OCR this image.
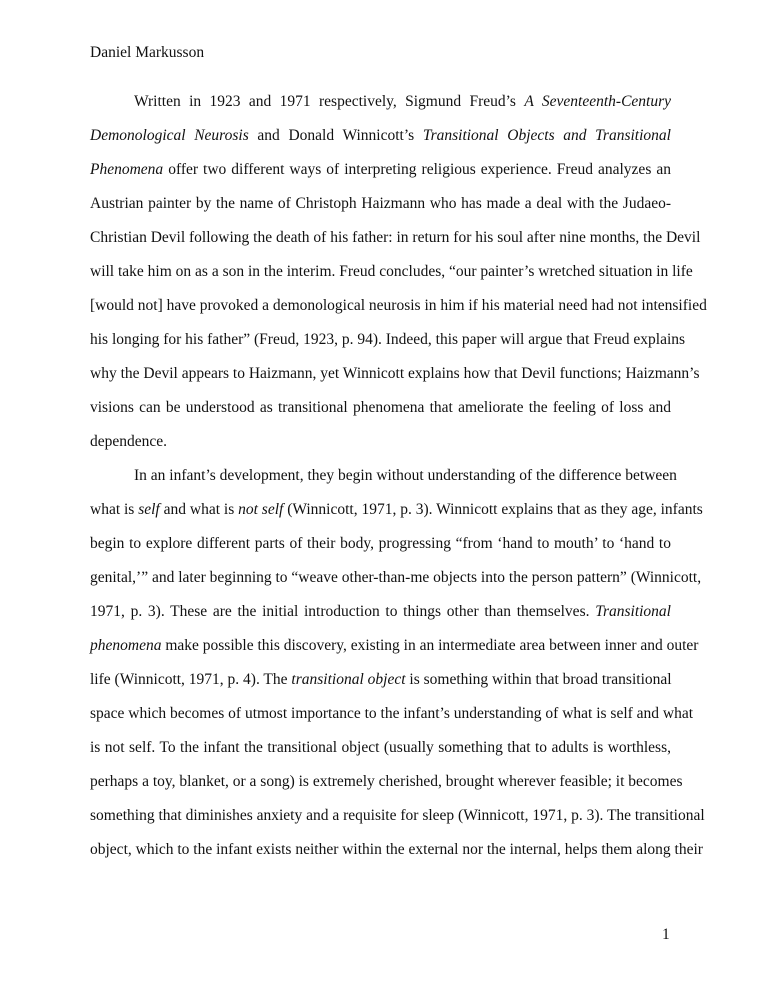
Daniel Markusson
Written in 1923 and 1971 respectively, Sigmund Freud’s A Seventeenth-Century
Demonological Neurosis and Donald Winnicott’s Transitional Objects and Transitional
Phenomena offer two different ways of interpreting religious experience. Freud analyzes an
Austrian painter by the name of Christoph Haizmann who has made a deal with the Judaeo-
Christian Devil following the death of his father: in return for his soul after nine months, the Devil
will take him on as a son in the interim. Freud concludes, “our painter’s wretched situation in life
[would not] have provoked a demonological neurosis in him if his material need had not intensified
his longing for his father” (Freud, 1923, p. 94). Indeed, this paper will argue that Freud explains
why the Devil appears to Haizmann, yet Winnicott explains how that Devil functions; Haizmann’s
visions can be understood as transitional phenomena that ameliorate the feeling of loss and
dependence.
In an infant’s development, they begin without understanding of the difference between
what is self and what is not self (Winnicott, 1971, p. 3). Winnicott explains that as they age, infants
begin to explore different parts of their body, progressing “from ‘hand to mouth’ to ‘hand to
genital,’” and later beginning to “weave other-than-me objects into the person pattern” (Winnicott,
1971, p. 3). These are the initial introduction to things other than themselves. Transitional
phenomena make possible this discovery, existing in an intermediate area between inner and outer
life (Winnicott, 1971, p. 4). The transitional object is something within that broad transitional
space which becomes of utmost importance to the infant’s understanding of what is self and what
is not self. To the infant the transitional object (usually something that to adults is worthless,
perhaps a toy, blanket, or a song) is extremely cherished, brought wherever feasible; it becomes
something that diminishes anxiety and a requisite for sleep (Winnicott, 1971, p. 3). The transitional
object, which to the infant exists neither within the external nor the internal, helps them along their
1
